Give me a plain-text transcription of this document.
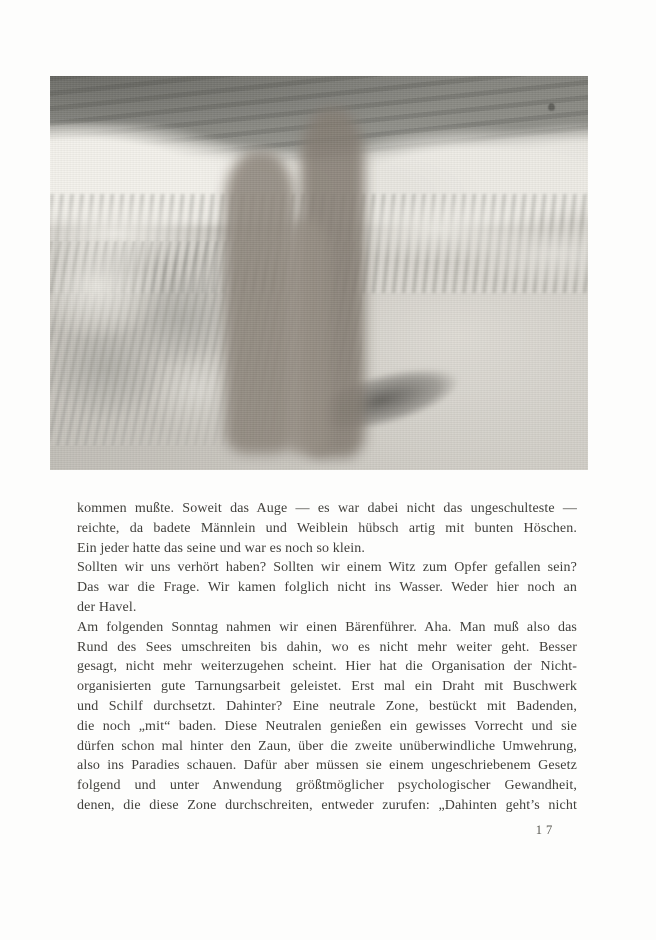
kommen mußte. Soweit das Auge — es war dabei nicht das ungeschulteste —
reichte, da badete Männlein und Weiblein hübsch artig mit bunten Höschen.
Ein jeder hatte das seine und war es noch so klein.
Sollten wir uns verhört haben? Sollten wir einem Witz zum Opfer gefallen sein?
Das war die Frage. Wir kamen folglich nicht ins Wasser. Weder hier noch an
der Havel.
Am folgenden Sonntag nahmen wir einen Bärenführer. Aha. Man muß also das
Rund des Sees umschreiten bis dahin, wo es nicht mehr weiter geht. Besser
gesagt, nicht mehr weiterzugehen scheint. Hier hat die Organisation der Nicht-
organisierten gute Tarnungsarbeit geleistet. Erst mal ein Draht mit Buschwerk
und Schilf durchsetzt. Dahinter? Eine neutrale Zone, bestückt mit Badenden,
die noch „mit“ baden. Diese Neutralen genießen ein gewisses Vorrecht und sie
dürfen schon mal hinter den Zaun, über die zweite unüberwindliche Umwehrung,
also ins Paradies schauen. Dafür aber müssen sie einem ungeschriebenem Gesetz
folgend und unter Anwendung größtmöglicher psychologischer Gewandheit,
denen, die diese Zone durchschreiten, entweder zurufen: „Dahinten geht’s nicht
17
